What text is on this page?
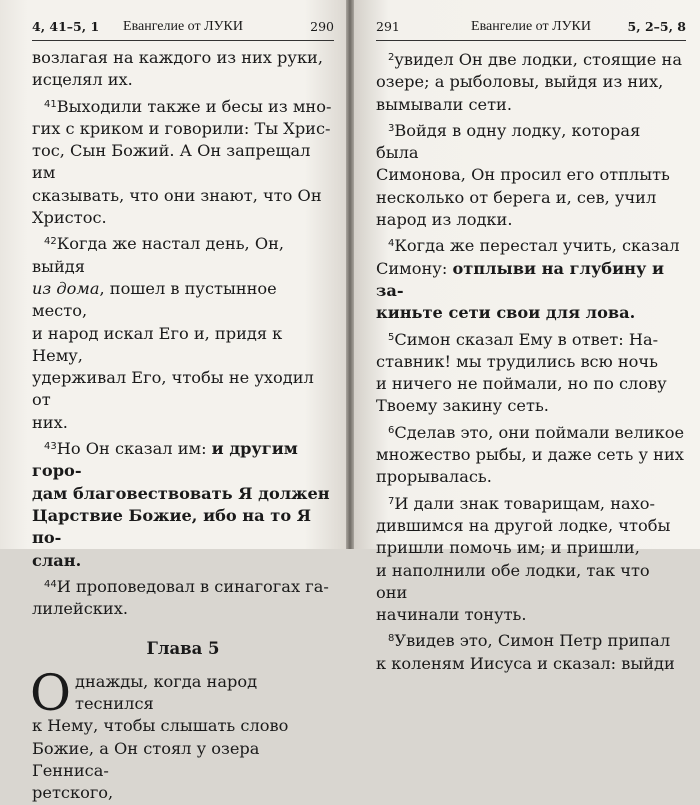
4, 41–5, 1	Евангелие от ЛУКИ	290

возлагая на каждого из них руки,
исцелял их.

$^{41}$Выходили также и бесы из мно-
гих с криком и говорили: Ты Хрис-
тос, Сын Божий. А Он запрещал им
сказывать, что они знают, что Он
Христос.

$^{42}$Когда же настал день, Он, выйдя
из дома, пошел в пустынное место,
и народ искал Его и, придя к Нему,
удерживал Его, чтобы не уходил от
них.

$^{43}$Но Он сказал им: и другим горо-
дам благовествовать Я должен
Царствие Божие, ибо на то Я по-
слан.

$^{44}$И проповедовал в синагогах га-
лилейских.

Глава 5

Однажды, когда народ теснился
к Нему, чтобы слышать слово
Божие, а Он стоял у озера Генниса-
ретского,

291	Евангелие от ЛУКИ	5, 2–5, 8

$^2$увидел Он две лодки, стоящие на
озере; а рыболовы, выйдя из них,
вымывали сети.

$^3$Войдя в одну лодку, которая была
Симонова, Он просил его отплыть
несколько от берега и, сев, учил
народ из лодки.

$^4$Когда же перестал учить, сказал
Симону: отплыви на глубину и за-
киньте сети свои для лова.

$^5$Симон сказал Ему в ответ: На-
ставник! мы трудились всю ночь
и ничего не поймали, но по слову
Твоему закину сеть.

$^6$Сделав это, они поймали великое
множество рыбы, и даже сеть у них
прорывалась.

$^7$И дали знак товарищам, нахо-
дившимся на другой лодке, чтобы
пришли помочь им; и пришли,
и наполнили обе лодки, так что они
начинали тонуть.

$^8$Увидев это, Симон Петр припал
к коленям Иисуса и сказал: выйди
